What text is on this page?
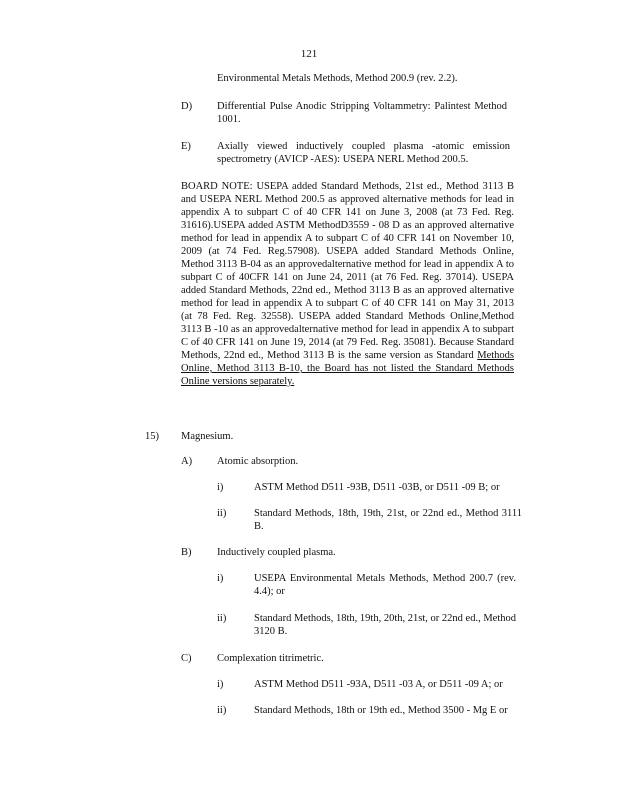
121
Environmental Metals Methods, Method 200.9 (rev. 2.2).
D) Differential Pulse Anodic Stripping Voltammetry: Palintest Method 1001.
E) Axially viewed inductively coupled plasma -atomic emission spectrometry (AVICP -AES): USEPA NERL Method 200.5.
BOARD NOTE: USEPA added Standard Methods, 21st ed., Method 3113 B and USEPA NERL Method 200.5 as approved alternative methods for lead in appendix A to subpart C of 40 CFR 141 on June 3, 2008 (at 73 Fed. Reg. 31616).USEPA added ASTM MethodD3559 - 08 D as an approved alternative method for lead in appendix A to subpart C of 40 CFR 141 on November 10, 2009 (at 74 Fed. Reg.57908). USEPA added Standard Methods Online, Method 3113 B-04 as an approvedalternative method for lead in appendix A to subpart C of 40CFR 141 on June 24, 2011 (at 76 Fed. Reg. 37014). USEPA added Standard Methods, 22nd ed., Method 3113 B as an approved alternative method for lead in appendix A to subpart C of 40 CFR 141 on May 31, 2013 (at 78 Fed. Reg. 32558). USEPA added Standard Methods Online,Method 3113 B -10 as an approvedalternative method for lead in appendix A to subpart C of 40 CFR 141 on June 19, 2014 (at 79 Fed. Reg. 35081). Because Standard Methods, 22nd ed., Method 3113 B is the same version as Standard Methods Online, Method 3113 B-10, the Board has not listed the Standard Methods Online versions separately.
15) Magnesium.
A) Atomic absorption.
i)	ASTM Method D511 -93B, D511 -03B, or D511 -09 B; or
ii)	Standard Methods, 18th, 19th, 21st, or 22nd ed., Method 3111 B.
B) Inductively coupled plasma.
i)	USEPA Environmental Metals Methods, Method 200.7 (rev. 4.4); or
ii)	Standard Methods, 18th, 19th, 20th, 21st, or 22nd ed., Method 3120 B.
C) Complexation titrimetric.
i)	ASTM Method D511 -93A, D511 -03 A, or D511 -09 A; or
ii)	Standard Methods, 18th or 19th ed., Method 3500 - Mg E or
